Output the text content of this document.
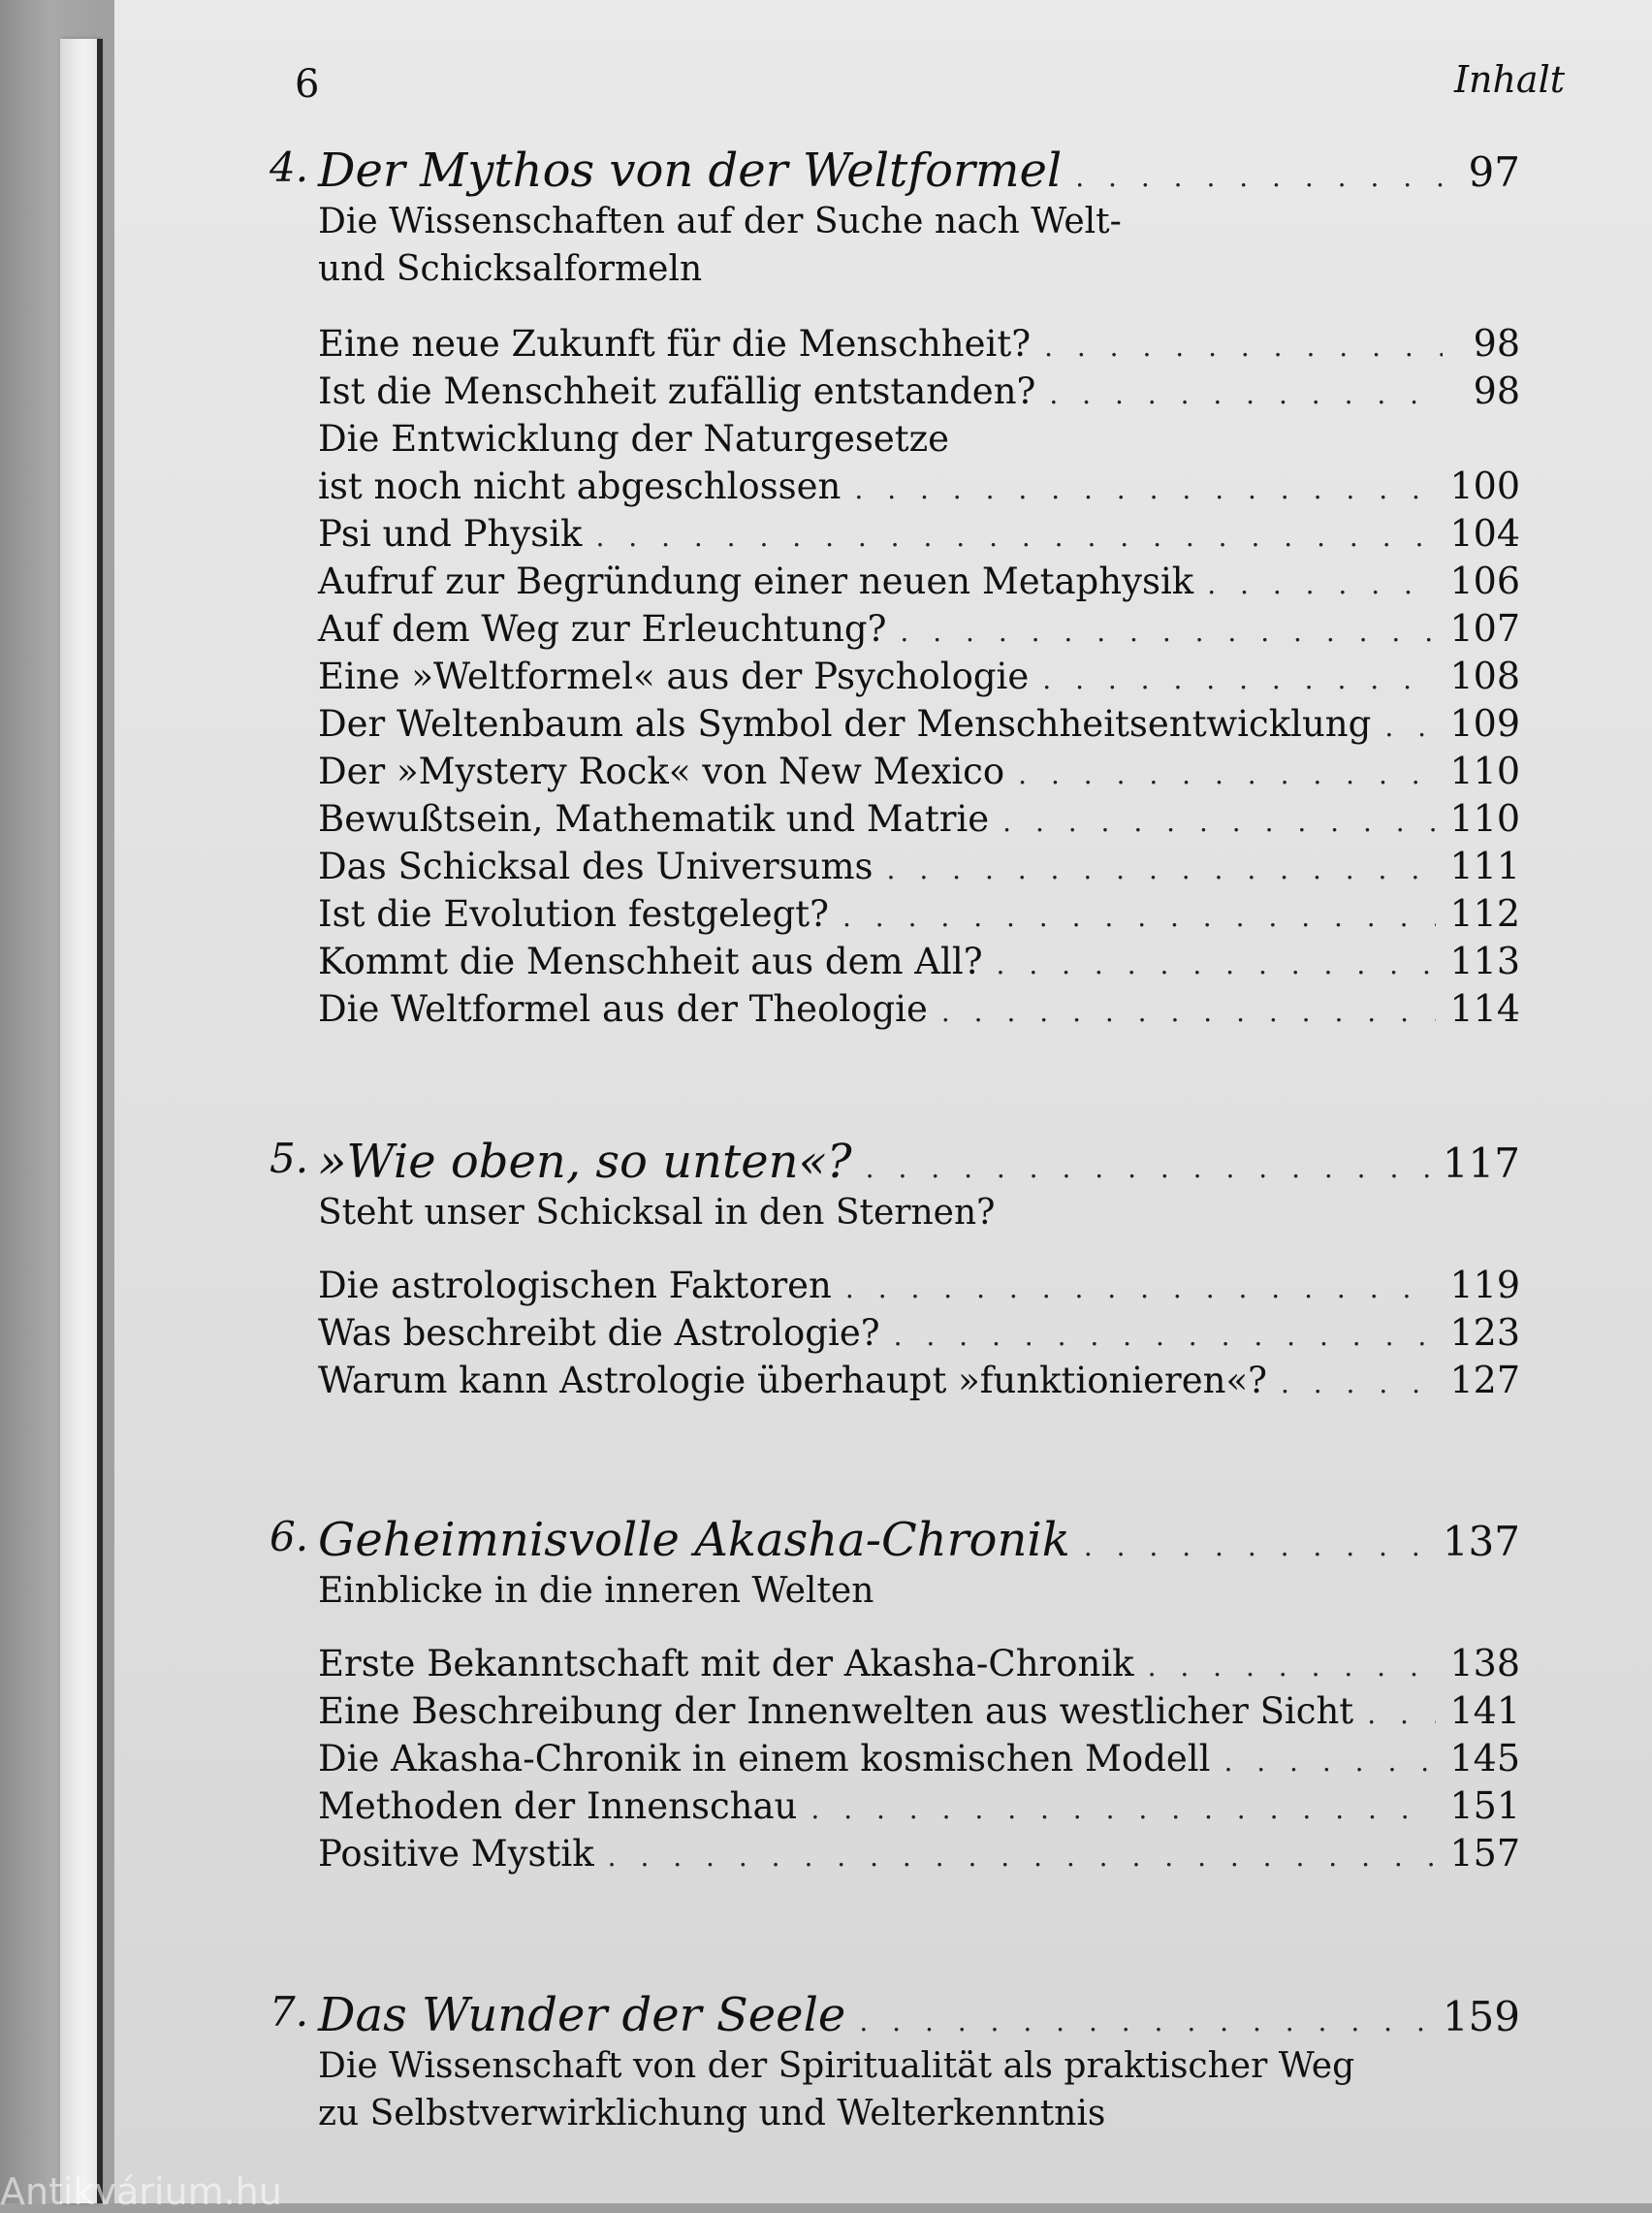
6	Inhalt
4. Der Mythos von der Weltformel . . .	97
Die Wissenschaften auf der Suche nach Welt-
und Schicksalformeln
Eine neue Zukunft für die Menschheit? . . .	98
Ist die Menschheit zufällig entstanden? . . .	98
Die Entwicklung der Naturgesetze
ist noch nicht abgeschlossen . . .	100
Psi und Physik . . .	104
Aufruf zur Begründung einer neuen Metaphysik . . .	106
Auf dem Weg zur Erleuchtung? . . .	107
Eine »Weltformel« aus der Psychologie . . .	108
Der Weltenbaum als Symbol der Menschheitsentwicklung . . . 109
Der »Mystery Rock« von New Mexico . . .	110
Bewußtsein, Mathematik und Matrie . . .	110
Das Schicksal des Universums . . .	111
Ist die Evolution festgelegt? . . .	112
Kommt die Menschheit aus dem All? . . .	113
Die Weltformel aus der Theologie . . .	114
5. »Wie oben, so unten«? . . .	117
Steht unser Schicksal in den Sternen?
Die astrologischen Faktoren . . .	119
Was beschreibt die Astrologie? . . .	123
Warum kann Astrologie überhaupt »funktionieren«? . . .	127
6. Geheimnisvolle Akasha-Chronik . . .	137
Einblicke in die inneren Welten
Erste Bekanntschaft mit der Akasha-Chronik . . .	138
Eine Beschreibung der Innenwelten aus westlicher Sicht . . .	141
Die Akasha-Chronik in einem kosmischen Modell . . .	145
Methoden der Innenschau . . .	151
Positive Mystik . . .	157
7. Das Wunder der Seele . . .	159
Die Wissenschaft von der Spiritualität als praktischer Weg
zu Selbstverwirklichung und Welterkenntnis
Antikvárium.hu
